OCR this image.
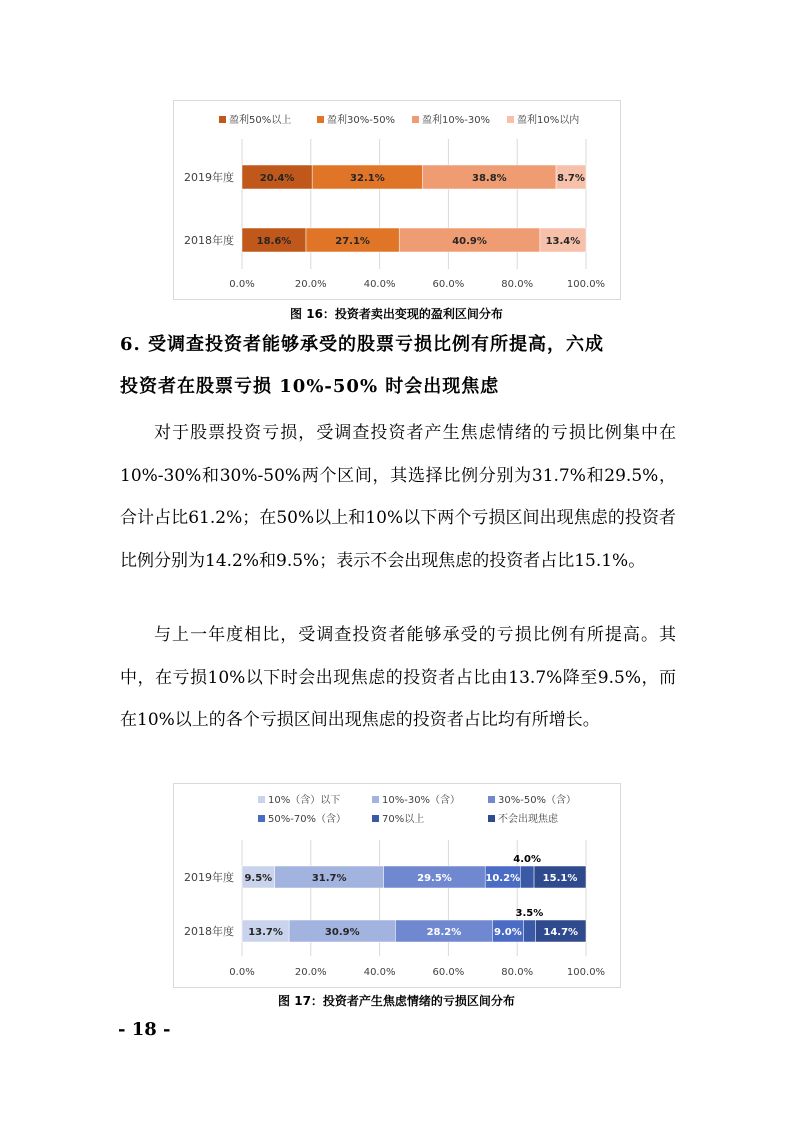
盈利50%以上	盈利30%-50%	盈利10%-30%	盈利10%以内
0.0%	20.0%	40.0%	60.0%	80.0%	100.0%
2019年度	20.4%	32.1%	38.8%	8.7%
2018年度 18.6%	27.1%	40.9%	13.4%
图 16：投资者卖出变现的盈利区间分布
6. 受调查投资者能够承受的股票亏损比例有所提高，六成
投资者在股票亏损 10%-50% 时会出现焦虑

对于股票投资亏损，受调查投资者产生焦虑情绪的亏损比例集中在10%-30%和30%-50%两个区间，其选择比例分别为31.7%和29.5%，合计占比61.2%；在50%以上和10%以下两个亏损区间出现焦虑的投资者比例分别为14.2%和9.5%；表示不会出现焦虑的投资者占比15.1%。

与上一年度相比，受调查投资者能够承受的亏损比例有所提高。其中，在亏损10%以下时会出现焦虑的投资者占比由13.7%降至9.5%，而在10%以上的各个亏损区间出现焦虑的投资者占比均有所增长。

10%（含）以下	10%-30%（含）	30%-50%（含）
50%-70%（含）	70%以上	不会出现焦虑
0.0%	20.0%	40.0%	60.0%	80.0%	100.0%
2019年度 9.5%	31.7%	29.5%	10.2%
4.0%
15.1%
2018年度 13.7%	30.9%	28.2%	9.0%
3.5%
14.7%
图 17：投资者产生焦虑情绪的亏损区间分布
- 18 -
